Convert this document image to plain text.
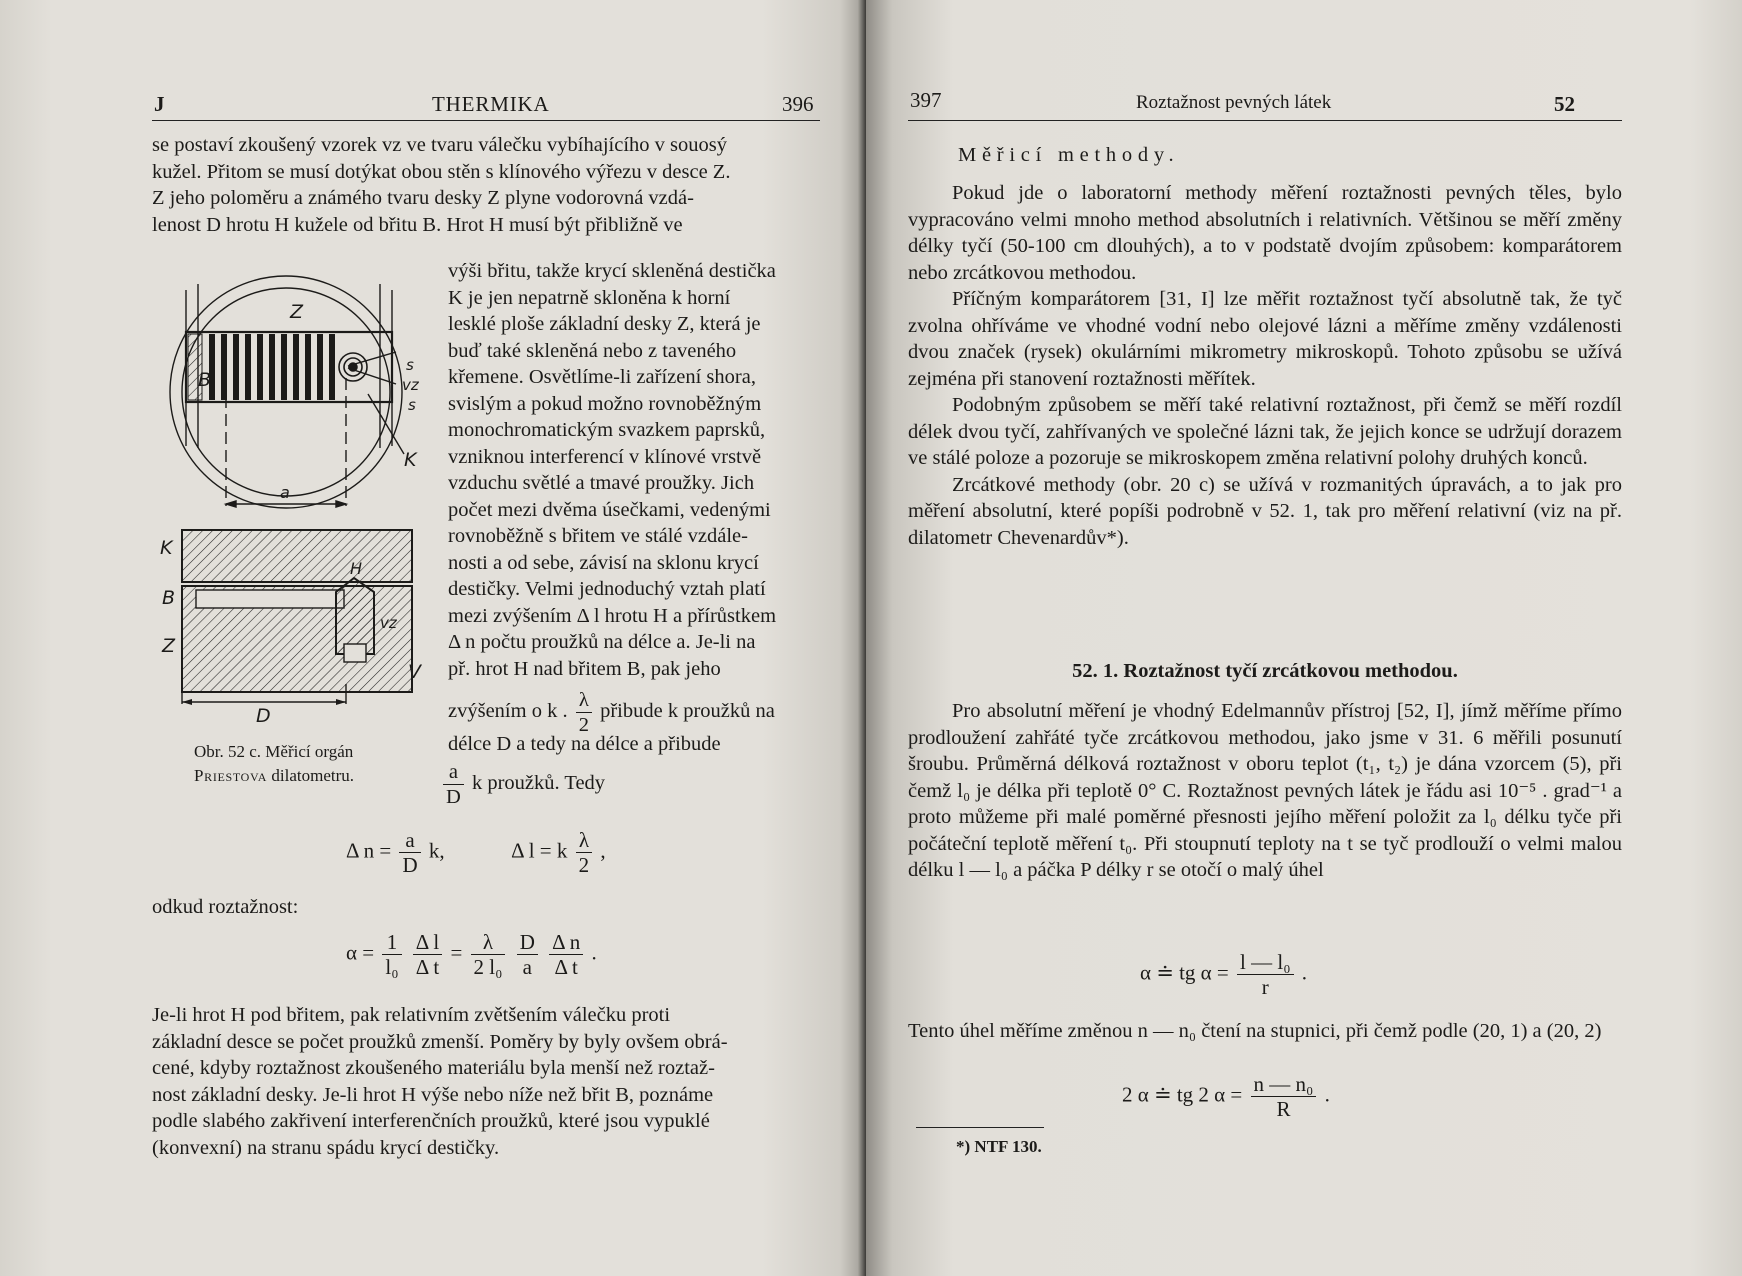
J	THERMIKA	396

se postaví zkoušený vzorek vz ve tvaru válečku vybíhajícího v souosý

kužel. Přitom se musí dotýkat obou stěn s klínového výřezu v desce Z.

Z jeho poloměru a známého tvaru desky Z plyne vodorovná vzdá-

lenost D hrotu H kužele od břitu B. Hrot H musí být přibližně ve

výši břitu, takže krycí skleněná destička

K je jen nepatrně skloněna k horní

lesklé ploše základní desky Z, která je

buď také skleněná nebo z taveného

křemene. Osvětlíme-li zařízení shora,

svislým a pokud možno rovnoběžným

monochromatickým svazkem paprsků,

vzniknou interferencí v klínové vrstvě

vzduchu světlé a tmavé proužky. Jich

počet mezi dvěma úsečkami, vedenými

rovnoběžně s břitem ve stálé vzdále-

nosti a od sebe, závisí na sklonu krycí

destičky. Velmi jednoduchý vztah platí

mezi zvýšením Δ l hrotu H a přírůstkem

Δ n počtu proužků na délce a. Je-li na

př. hrot H nad břitem B, pak jeho

zvýšením o k . $\frac{\lambda}{2}$ přibude k proužků na
délce D a tedy na délce a přibude
$\frac{a}{D}$ k proužků. Tedy
Z
B
s
vz
s
K
a
K
B
H
vz
Z
V
D
Obr. 52 c. Měřicí orgán
Priestova dilatometru.
Δ $n = \frac{a}{D} k$,	Δ l = k $\frac{\lambda}{2}$ ,
odkud roztažnost:
$\alpha = \frac{1}{\text{l₀}}$
$\frac{\text{Δ l}}{\text{Δ t}} = \frac{\lambda}{\text{2 l₀}}$
$\frac{D}{a}$
$\frac{\text{Δ n}}{\text{Δ t}}$ .

Je-li hrot H pod břitem, pak relativním zvětšením válečku proti

základní desce se počet proužků zmenší. Poměry by byly ovšem obrá-

cené, kdyby roztažnost zkoušeného materiálu byla menší než roztaž-

nost základní desky. Je-li hrot H výše nebo níže než břit B, poznáme

podle slabého zakřivení interferenčních proužků, které jsou vypuklé

(konvexní) na stranu spádu krycí destičky.

397	Roztažnost pevných látek	52
Měřicí methody.

Pokud jde o laboratorní methody měření roztažnosti pevných těles, bylo vypracováno velmi mnoho method absolutních i relativních. Většinou se měří změny délky tyčí (50-100 cm dlouhých), a to v podstatě dvojím způsobem: komparátorem nebo zrcátkovou methodou.

Příčným komparátorem [31, I] lze měřit roztažnost tyčí absolutně tak, že tyč zvolna ohříváme ve vhodné vodní nebo olejové lázni a měříme změny vzdálenosti dvou značek (rysek) okulárními mikrometry mikroskopů. Tohoto způsobu se užívá zejména při stanovení roztažnosti měřítek.

Podobným způsobem se měří také relativní roztažnost, při čemž se měří rozdíl délek dvou tyčí, zahřívaných ve společné lázni tak, že jejich konce se udržují dorazem ve stálé poloze a pozoruje se mikroskopem změna relativní polohy druhých konců.

Zrcátkové methody (obr. 20 c) se užívá v rozmanitých úpravách, a to jak pro měření absolutní, které popíši podrobně v 52. 1, tak pro měření relativní (viz na př. dilatometr Chevenardův*).

52. 1. Roztažnost tyčí zrcátkovou methodou.

Pro absolutní měření je vhodný Edelmannův přístroj [52, I], jímž měříme přímo prodloužení zahřáté tyče zrcátkovou methodou, jako jsme v 31. 6 měřili posunutí šroubu. Průměrná délková roztažnost v oboru teplot (t₁, t₂) je dána vzorcem (5), při čemž l₀ je délka při teplotě 0° C. Roztažnost pevných látek je řádu asi 10⁻⁵ . grad⁻¹ a proto můžeme při malé poměrné přesnosti jejího měření položit za l₀ délku tyče při počáteční teplotě měření t₀. Při stoupnutí teploty na t se tyč prodlouží o velmi malou délku l — l₀ a páčka P délky r se otočí o malý úhel

α ≐ tg $\alpha = \frac{\text{l — l₀}}{r}$ .

Tento úhel měříme změnou n — n₀ čtení na stupnici, při čemž podle (20, 1) a (20, 2)

2 α ≐ tg 2 $\alpha = \frac{\text{n — n₀}}{R}$ .
*) NTF 130.
